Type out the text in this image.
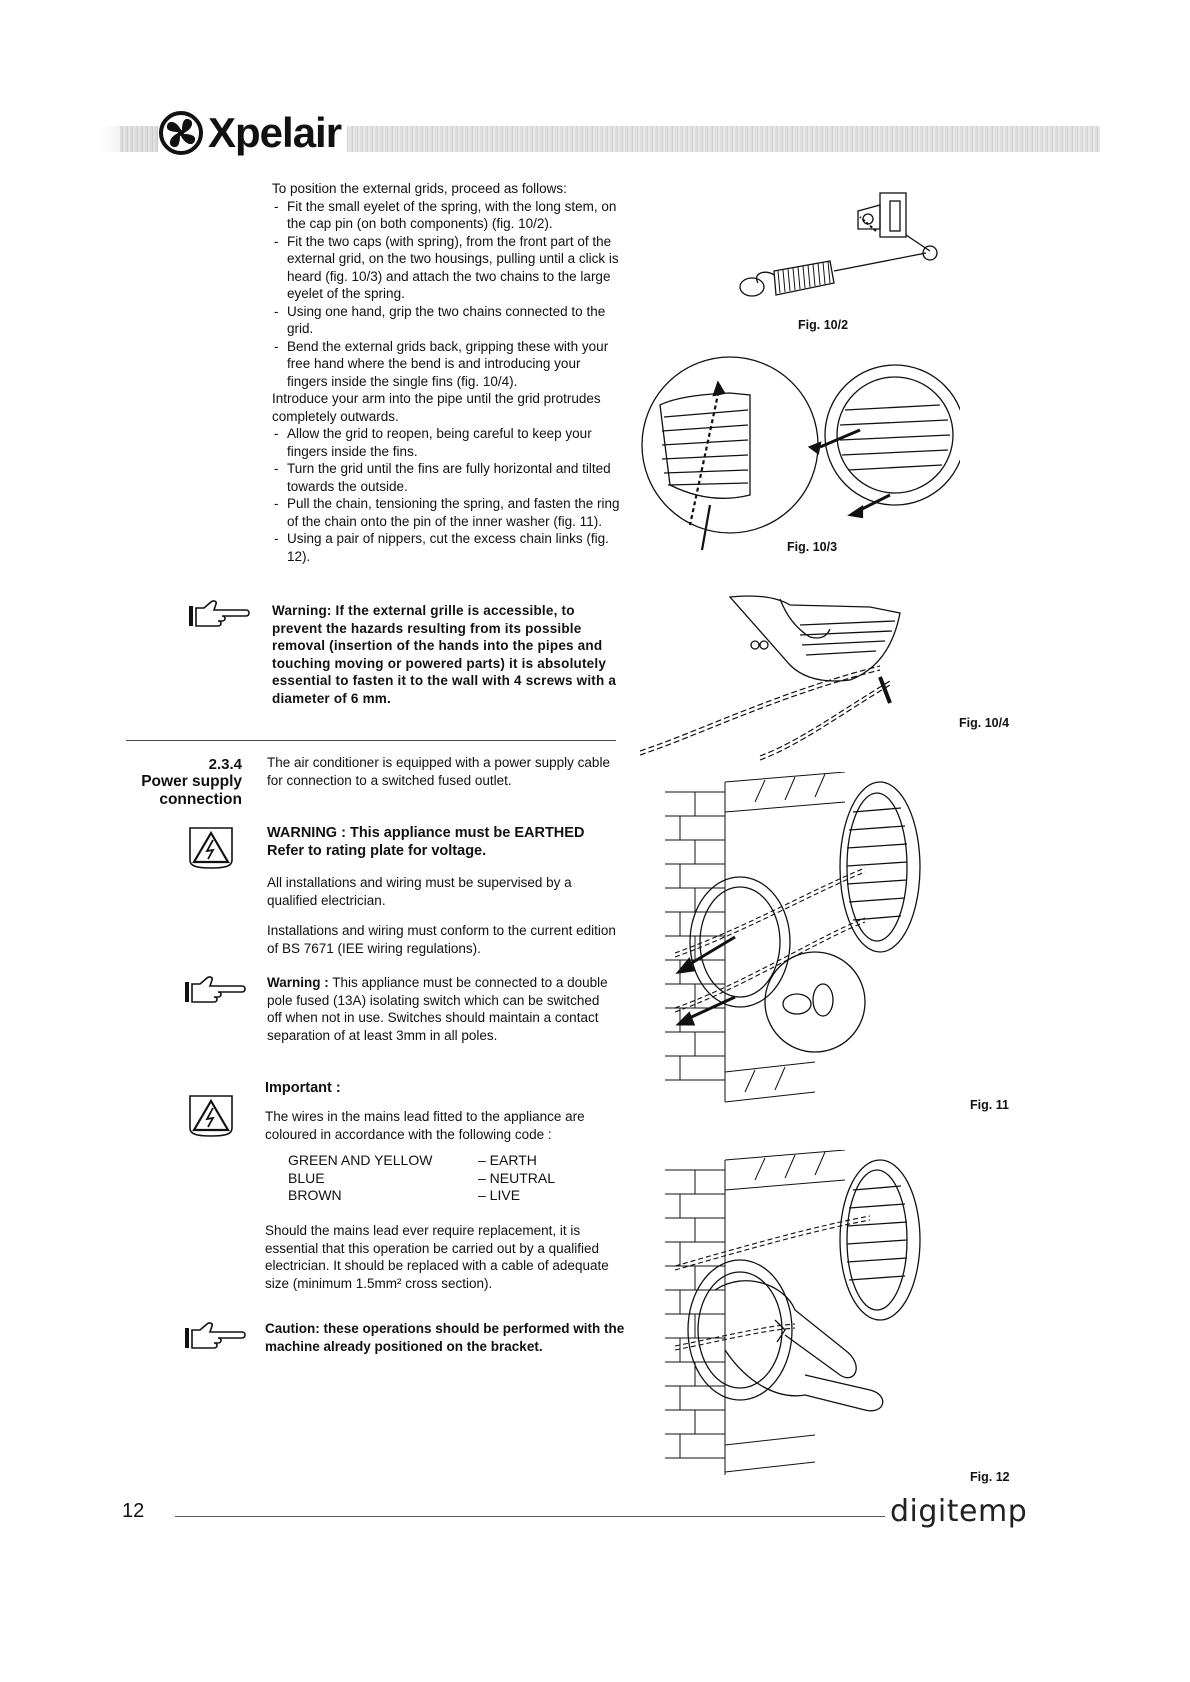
Xpelair

To position the external grids, proceed as follows:

- Fit the small eyelet of the spring, with the long stem, on the cap pin (on both components) (fig. 10/2).
- Fit the two caps (with spring), from the front part of the external grid, on the two housings, pulling until a click is heard (fig. 10/3) and attach the two chains to the large eyelet of the spring.
- Using one hand, grip the two chains connected to the grid.
- Bend the external grids back, gripping these with your free hand where the bend is and introducing your fingers inside the single fins (fig. 10/4).

Introduce your arm into the pipe until the grid protrudes completely outwards.

- Allow the grid to reopen, being careful to keep your fingers inside the fins.
- Turn the grid until the fins are fully horizontal and tilted towards the outside.
- Pull the chain, tensioning the spring, and fasten the ring of the chain onto the pin of the inner washer (fig. 11).
- Using a pair of nippers, cut the excess chain links (fig. 12).
Warning: If the external grille is accessible, to prevent the hazards resulting from its possible removal (insertion of the hands into the pipes and touching moving or powered parts) it is absolutely essential to fasten it to the wall with 4 screws with a diameter of 6 mm.
2.3.4
Power supply
connection
The air conditioner is equipped with a power supply cable for connection to a switched fused outlet.
WARNING : This appliance must be EARTHED
Refer to rating plate for voltage.

All installations and wiring must be supervised by a qualified electrician.

Installations and wiring must conform to the current edition of BS 7671 (IEE wiring regulations).

Warning : This appliance must be connected to a double pole fused (13A) isolating switch which can be switched off when not in use. Switches should maintain a contact separation of at least 3mm in all poles.

Important :

The wires in the mains lead fitted to the appliance are coloured in accordance with the following code :

GREEN AND YELLOW	– EARTH
BLUE	– NEUTRAL
BROWN	– LIVE

Should the mains lead ever require replacement, it is essential that this operation be carried out by a qualified electrician. It should be replaced with a cable of adequate size (minimum 1.5mm² cross section).

Caution: these operations should be performed with the machine already positioned on the bracket.
Fig. 10/2
Fig. 10/3
Fig. 10/4
Fig. 11
Fig. 12
12	digitemp
